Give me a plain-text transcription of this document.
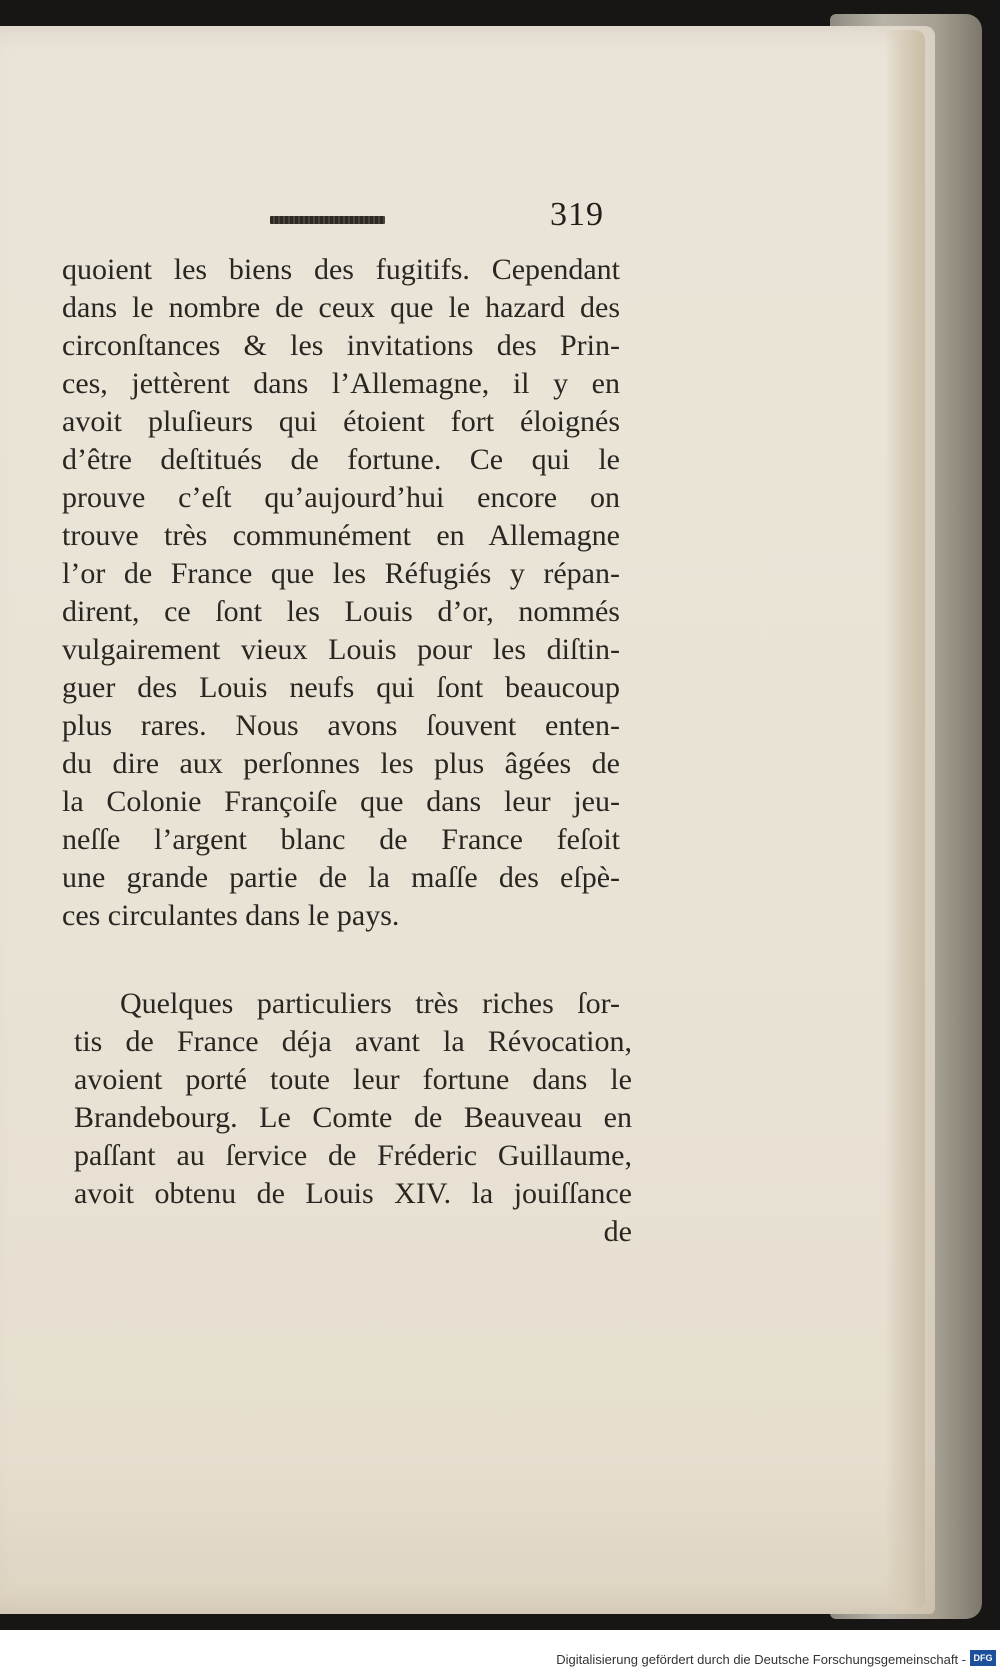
319
quoient les biens des fugitifs. Cependant
dans le nombre de ceux que le hazard des
circonſtances & les invitations des Prin-
ces, jettèrent dans l’Allemagne, il y en
avoit pluſieurs qui étoient fort éloignés
d’être deſtitués de fortune. Ce qui le
prouve c’eſt qu’aujourd’hui encore on
trouve très communément en Allemagne
l’or de France que les Réfugiés y répan-
dirent, ce ſont les Louis d’or, nommés
vulgairement vieux Louis pour les diſtin-
guer des Louis neufs qui ſont beaucoup
plus rares. Nous avons ſouvent enten-
du dire aux perſonnes les plus âgées de
la Colonie Françoiſe que dans leur jeu-
neſſe l’argent blanc de France feſoit
une grande partie de la maſſe des eſpè-
ces circulantes dans le pays.
Quelques particuliers très riches ſor-
tis de France déja avant la Révocation,
avoient porté toute leur fortune dans le
Brandebourg. Le Comte de Beauveau en
paſſant au ſervice de Fréderic Guillaume,
avoit obtenu de Louis XIV. la jouiſſance
de
Digitalisierung gefördert durch die Deutsche Forschungsgemeinschaft - DFG
